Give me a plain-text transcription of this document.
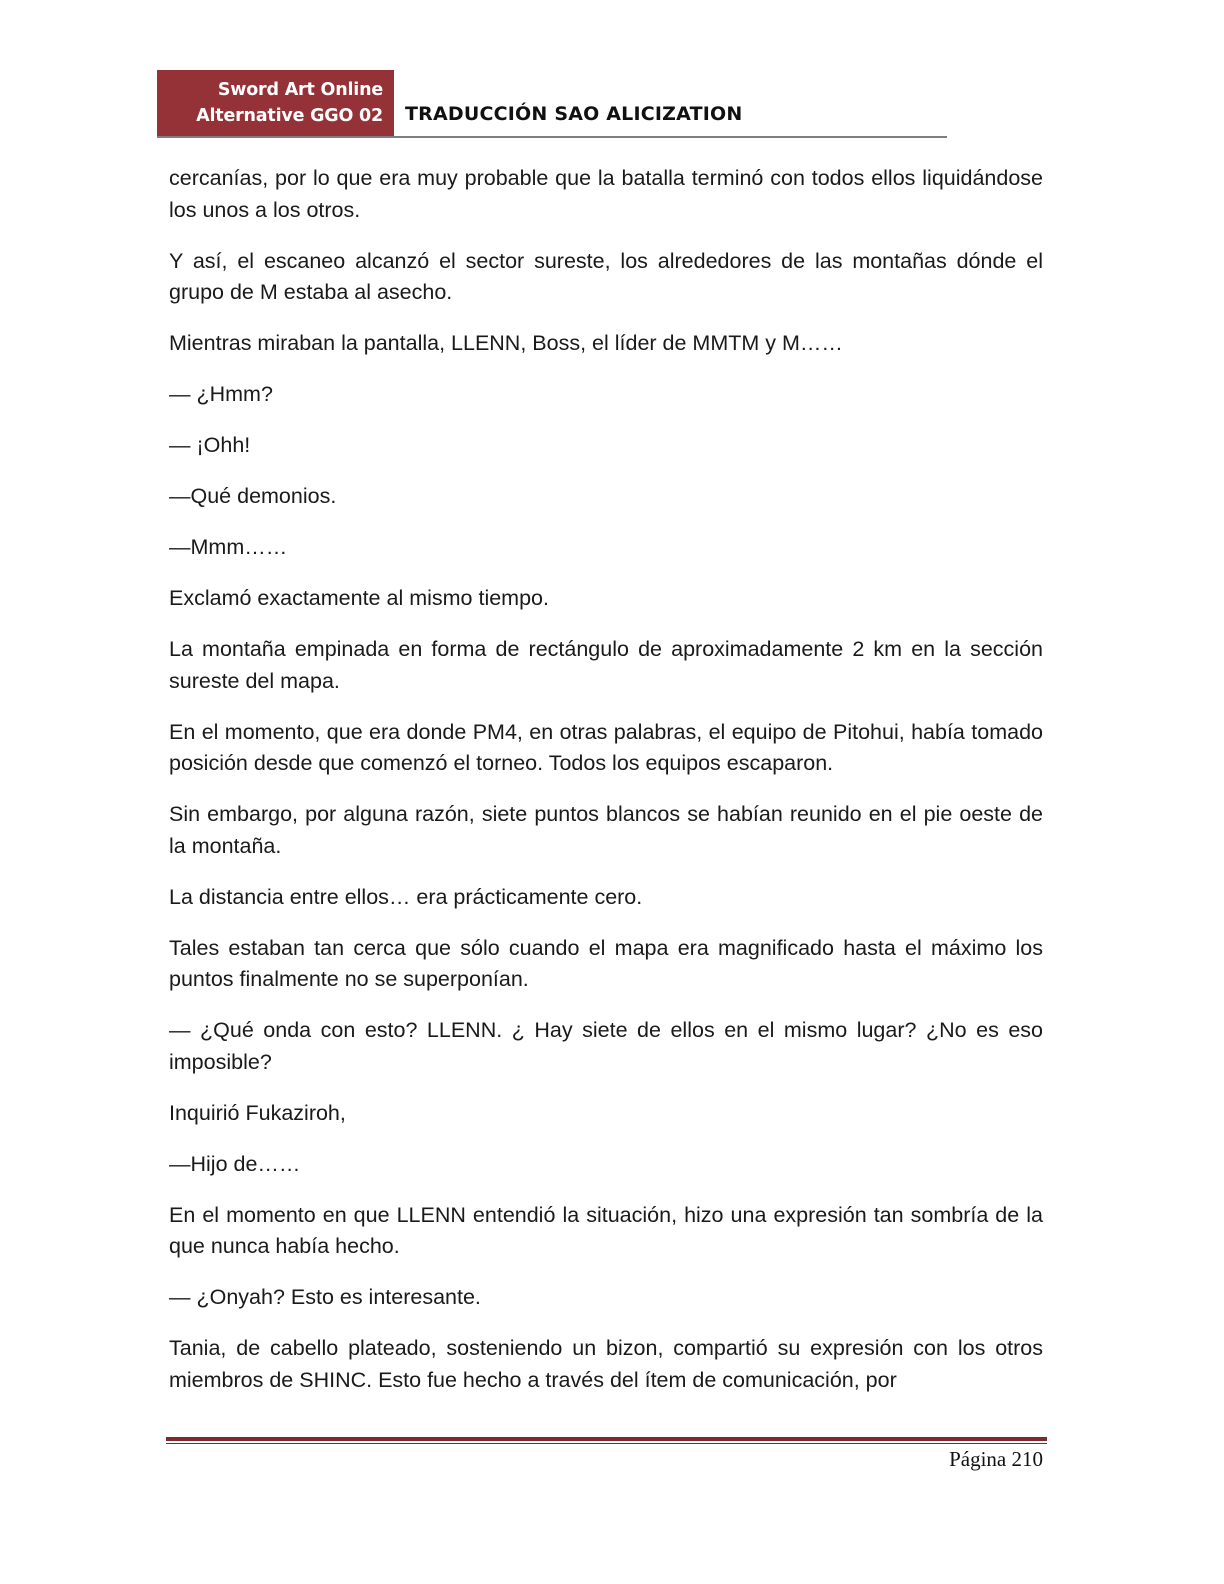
Sword Art Online
Alternative GGO 02 TRADUCCIÓN SAO ALICIZATION

cercanías, por lo que era muy probable que la batalla terminó con todos ellos liquidándose los unos a los otros.

Y así, el escaneo alcanzó el sector sureste, los alrededores de las montañas dónde el grupo de M estaba al asecho.

Mientras miraban la pantalla, LLENN, Boss, el líder de MMTM y M……

— ¿Hmm?

— ¡Ohh!

—Qué demonios.

—Mmm……

Exclamó exactamente al mismo tiempo.

La montaña empinada en forma de rectángulo de aproximadamente 2 km en la sección sureste del mapa.

En el momento, que era donde PM4, en otras palabras, el equipo de Pitohui, había tomado posición desde que comenzó el torneo. Todos los equipos escaparon.

Sin embargo, por alguna razón, siete puntos blancos se habían reunido en el pie oeste de la montaña.

La distancia entre ellos… era prácticamente cero.

Tales estaban tan cerca que sólo cuando el mapa era magnificado hasta el máximo los puntos finalmente no se superponían.

— ¿Qué onda con esto? LLENN. ¿ Hay siete de ellos en el mismo lugar? ¿No es eso imposible?

Inquirió Fukaziroh,

—Hijo de……

En el momento en que LLENN entendió la situación, hizo una expresión tan sombría de la que nunca había hecho.

— ¿Onyah? Esto es interesante.

Tania, de cabello plateado, sosteniendo un bizon, compartió su expresión con los otros miembros de SHINC. Esto fue hecho a través del ítem de comunicación, por

Página 210
